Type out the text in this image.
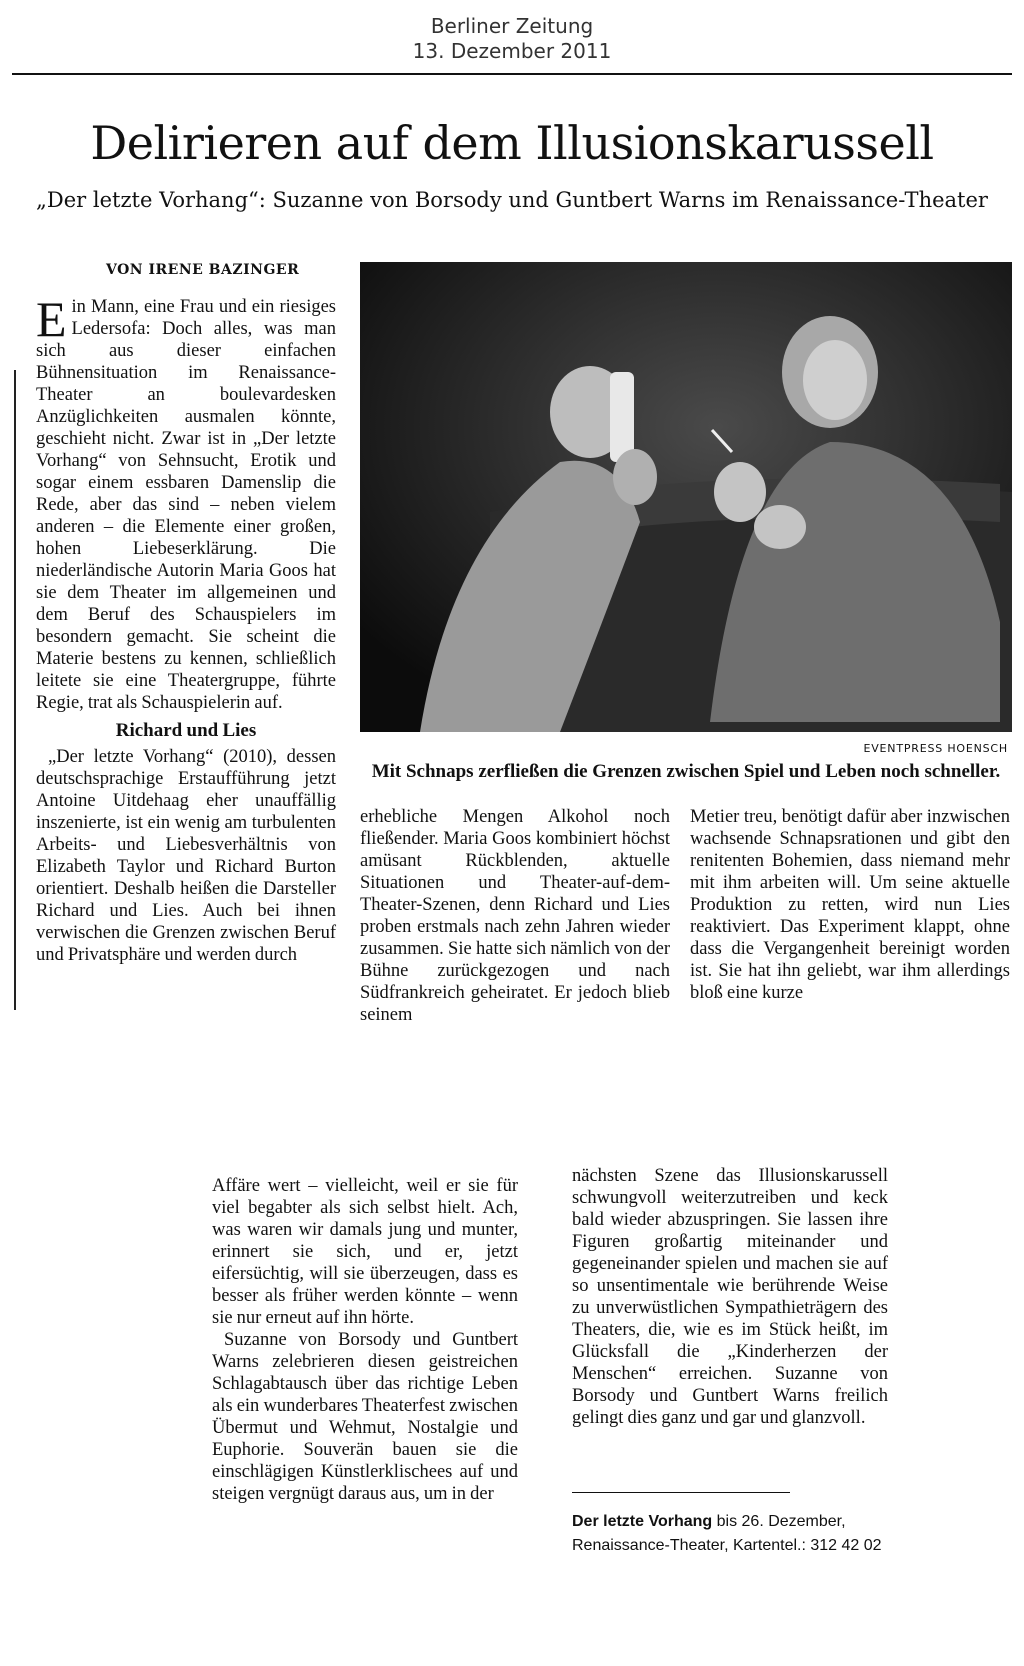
Berliner Zeitung
13. Dezember 2011
Delirieren auf dem Illusionskarussell
„Der letzte Vorhang“: Suzanne von Borsody und Guntbert Warns im Renaissance-Theater
VON IRENE BAZINGER

Ein Mann, eine Frau und ein riesiges Ledersofa: Doch alles, was man sich aus dieser einfachen Bühnensituation im Renaissance-Theater an boulevardesken Anzüglichkeiten ausmalen könnte, geschieht nicht. Zwar ist in „Der letzte Vorhang“ von Sehnsucht, Erotik und sogar einem essbaren Damenslip die Rede, aber das sind – neben vielem anderen – die Elemente einer großen, hohen Liebeserklärung. Die niederländische Autorin Maria Goos hat sie dem Theater im allgemeinen und dem Beruf des Schauspielers im besondern gemacht. Sie scheint die Materie bestens zu kennen, schließlich leitete sie eine Theatergruppe, führte Regie, trat als Schauspielerin auf.

Richard und Lies

„Der letzte Vorhang“ (2010), dessen deutschsprachige Erstaufführung jetzt Antoine Uitdehaag eher unauffällig inszenierte, ist ein wenig am turbulenten Arbeits- und Liebesverhältnis von Elizabeth Taylor und Richard Burton orientiert. Deshalb heißen die Darsteller Richard und Lies. Auch bei ihnen verwischen die Grenzen zwischen Beruf und Privatsphäre und werden durch

EVENTPRESS HOENSCH
Mit Schnaps zerfließen die Grenzen zwischen Spiel und Leben noch schneller.

erhebliche Mengen Alkohol noch fließender. Maria Goos kombiniert höchst amüsant Rückblenden, aktuelle Situationen und Theater-auf-dem-Theater-Szenen, denn Richard und Lies proben erstmals nach zehn Jahren wieder zusammen. Sie hatte sich nämlich von der Bühne zurückgezogen und nach Südfrankreich geheiratet. Er jedoch blieb seinem

Metier treu, benötigt dafür aber inzwischen wachsende Schnapsrationen und gibt den renitenten Bohemien, dass niemand mehr mit ihm arbeiten will. Um seine aktuelle Produktion zu retten, wird nun Lies reaktiviert. Das Experiment klappt, ohne dass die Vergangenheit bereinigt worden ist. Sie hat ihn geliebt, war ihm allerdings bloß eine kurze

Affäre wert – vielleicht, weil er sie für viel begabter als sich selbst hielt. Ach, was waren wir damals jung und munter, erinnert sie sich, und er, jetzt eifersüchtig, will sie überzeugen, dass es besser als früher werden könnte – wenn sie nur erneut auf ihn hörte.

Suzanne von Borsody und Guntbert Warns zelebrieren diesen geistreichen Schlagabtausch über das richtige Leben als ein wunderbares Theaterfest zwischen Übermut und Wehmut, Nostalgie und Euphorie. Souverän bauen sie die einschlägigen Künstlerklischees auf und steigen vergnügt daraus aus, um in der

nächsten Szene das Illusionskarussell schwungvoll weiterzutreiben und keck bald wieder abzuspringen. Sie lassen ihre Figuren großartig miteinander und gegeneinander spielen und machen sie auf so unsentimentale wie berührende Weise zu unverwüstlichen Sympathieträgern des Theaters, die, wie es im Stück heißt, im Glücksfall die „Kinderherzen der Menschen“ erreichen. Suzanne von Borsody und Guntbert Warns freilich gelingt dies ganz und gar und glanzvoll.

Der letzte Vorhang bis 26. Dezember, Renaissance-Theater, Kartentel.: 312 42 02
